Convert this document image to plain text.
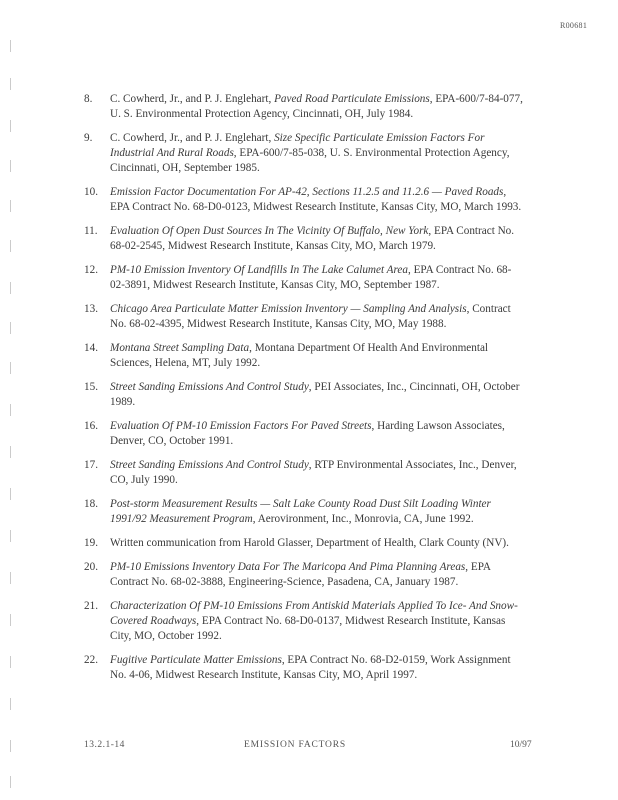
R00681
8.	C. Cowherd, Jr., and P. J. Englehart, Paved Road Particulate Emissions, EPA-600/7-84-077, U. S. Environmental Protection Agency, Cincinnati, OH, July 1984.
9.	C. Cowherd, Jr., and P. J. Englehart, Size Specific Particulate Emission Factors For Industrial And Rural Roads, EPA-600/7-85-038, U. S. Environmental Protection Agency, Cincinnati, OH, September 1985.
10.	Emission Factor Documentation For AP-42, Sections 11.2.5 and 11.2.6 — Paved Roads, EPA Contract No. 68-D0-0123, Midwest Research Institute, Kansas City, MO, March 1993.
11.	Evaluation Of Open Dust Sources In The Vicinity Of Buffalo, New York, EPA Contract No. 68-02-2545, Midwest Research Institute, Kansas City, MO, March 1979.
12.	PM-10 Emission Inventory Of Landfills In The Lake Calumet Area, EPA Contract No. 68-02-3891, Midwest Research Institute, Kansas City, MO, September 1987.
13.	Chicago Area Particulate Matter Emission Inventory — Sampling And Analysis, Contract No. 68-02-4395, Midwest Research Institute, Kansas City, MO, May 1988.
14.	Montana Street Sampling Data, Montana Department Of Health And Environmental Sciences, Helena, MT, July 1992.
15.	Street Sanding Emissions And Control Study, PEI Associates, Inc., Cincinnati, OH, October 1989.
16.	Evaluation Of PM-10 Emission Factors For Paved Streets, Harding Lawson Associates, Denver, CO, October 1991.
17.	Street Sanding Emissions And Control Study, RTP Environmental Associates, Inc., Denver, CO, July 1990.
18.	Post-storm Measurement Results — Salt Lake County Road Dust Silt Loading Winter 1991/92 Measurement Program, Aerovironment, Inc., Monrovia, CA, June 1992.
19.	Written communication from Harold Glasser, Department of Health, Clark County (NV).
20.	PM-10 Emissions Inventory Data For The Maricopa And Pima Planning Areas, EPA Contract No. 68-02-3888, Engineering-Science, Pasadena, CA, January 1987.
21.	Characterization Of PM-10 Emissions From Antiskid Materials Applied To Ice- And Snow-Covered Roadways, EPA Contract No. 68-D0-0137, Midwest Research Institute, Kansas City, MO, October 1992.
22.	Fugitive Particulate Matter Emissions, EPA Contract No. 68-D2-0159, Work Assignment No. 4-06, Midwest Research Institute, Kansas City, MO, April 1997.
13.2.1-14	EMISSION FACTORS	10/97
